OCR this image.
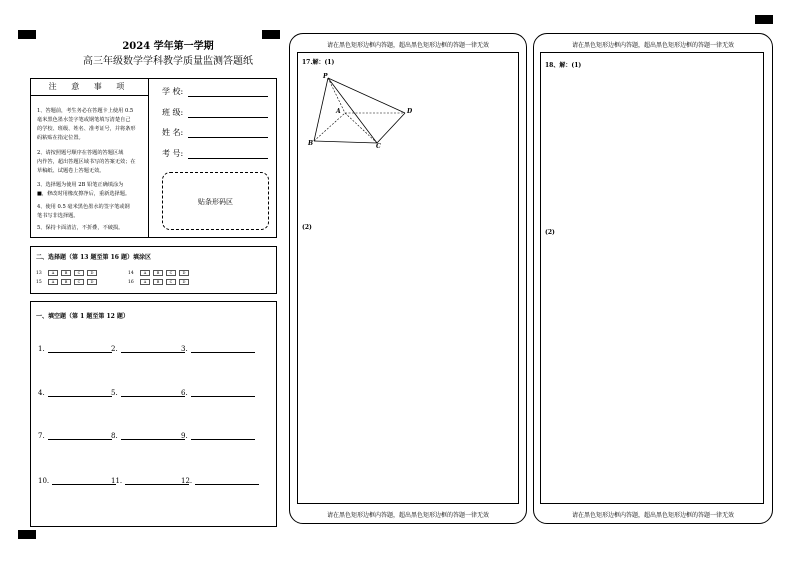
2024 学年第一学期
高三年级数学学科教学质量监测答题纸
注 意 事 项
1、答题前，考生务必在答题卡上使用 0.5
毫米黑色墨水签字笔或钢笔填写清楚自己
的学校、班级、姓名、准考证号，并将条形
码粘贴在指定位置。
2、请按照题号顺序在答题的答题区域
内作答，超出答题区域书写的答案无效；在
草稿纸、试题卷上答题无效。
3、选择题为使用 2B 铅笔正确填涂为
■，修改时用橡皮擦净后，重新选择题。
4、使用 0.5 毫米黑色墨水的签字笔或钢
笔书写非选择题。
5、保持卡面清洁，不折叠，不破损。
学 校:
班 级:
姓 名:
考 号:
贴条形码区
二、选择题（第 13 题至第 16 题）填涂区
13	A	B	C	D	14	A	B	C	D
15	A	B	C	D	16	A	B	C	D
一、填空题（第 1 题至第 12 题）
1.	2.	3.
4.	5.	6.
7.	8.	9.
10.	11.	12.
请在黑色矩形边框内答题，超出黑色矩形边框的答题一律无效
请在黑色矩形边框内答题，超出黑色矩形边框的答题一律无效
17.解：(1)
(2)
P
A
B	C
D
请在黑色矩形边框内答题，超出黑色矩形边框的答题一律无效
请在黑色矩形边框内答题，超出黑色矩形边框的答题一律无效
18、解：(1)
(2)
